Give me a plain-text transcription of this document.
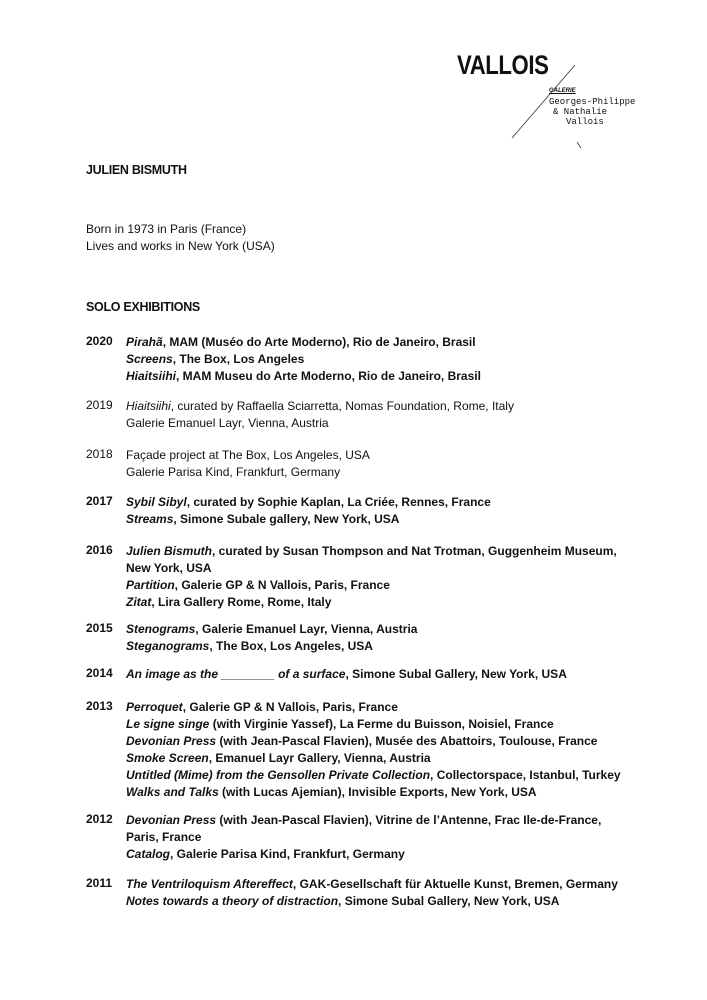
VALLOIS
GALERIE
Georges-Philippe
& Nathalie
Vallois
JULIEN BISMUTH
Born in 1973 in Paris (France)
Lives and works in New York (USA)
SOLO EXHIBITIONS
2020	Pirahã, MAM (Muséo do Arte Moderno), Rio de Janeiro, Brasil
Screens, The Box, Los Angeles
Hiaitsiihi, MAM Museu do Arte Moderno, Rio de Janeiro, Brasil
2019	Hiaitsiihi, curated by Raffaella Sciarretta, Nomas Foundation, Rome, Italy
Galerie Emanuel Layr, Vienna, Austria
2018	Façade project at The Box, Los Angeles, USA
Galerie Parisa Kind, Frankfurt, Germany
2017	Sybil Sibyl, curated by Sophie Kaplan, La Criée, Rennes, France
Streams, Simone Subale gallery, New York, USA
2016	Julien Bismuth, curated by Susan Thompson and Nat Trotman, Guggenheim Museum, New York, USA
Partition, Galerie GP & N Vallois, Paris, France
Zitat, Lira Gallery Rome, Rome, Italy
2015	Stenograms, Galerie Emanuel Layr, Vienna, Austria
Steganograms, The Box, Los Angeles, USA
2014	An image as the ________ of a surface, Simone Subal Gallery, New York, USA
2013	Perroquet, Galerie GP & N Vallois, Paris, France
Le signe singe (with Virginie Yassef), La Ferme du Buisson, Noisiel, France
Devonian Press (with Jean-Pascal Flavien), Musée des Abattoirs, Toulouse, France
Smoke Screen, Emanuel Layr Gallery, Vienna, Austria
Untitled (Mime) from the Gensollen Private Collection, Collectorspace, Istanbul, Turkey
Walks and Talks (with Lucas Ajemian), Invisible Exports, New York, USA
2012	Devonian Press (with Jean-Pascal Flavien), Vitrine de l’Antenne, Frac Ile-de-France, Paris, France
Catalog, Galerie Parisa Kind, Frankfurt, Germany
2011	The Ventriloquism Aftereffect, GAK-Gesellschaft für Aktuelle Kunst, Bremen, Germany
Notes towards a theory of distraction, Simone Subal Gallery, New York, USA
